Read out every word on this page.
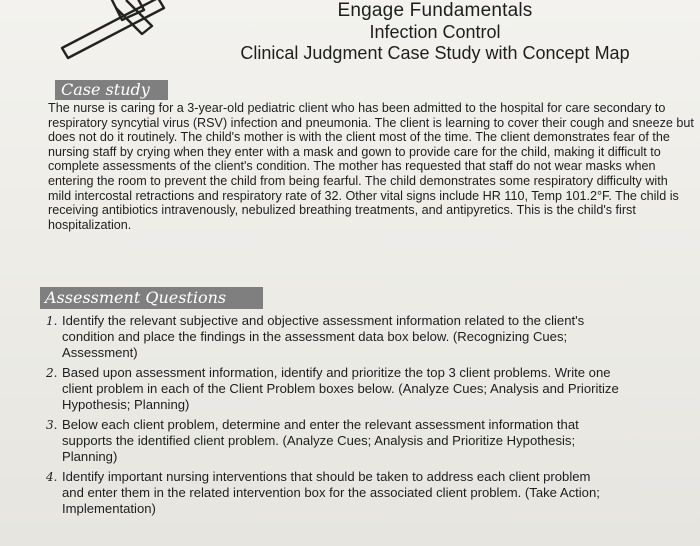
Engage Fundamentals
Infection Control
Clinical Judgment Case Study with Concept Map
Case study

The nurse is caring for a 3-year-old pediatric client who has been admitted to the hospital for care secondary to respiratory syncytial virus (RSV) infection and pneumonia. The client is learning to cover their cough and sneeze but does not do it routinely. The child's mother is with the client most of the time. The client demonstrates fear of the nursing staff by crying when they enter with a mask and gown to provide care for the child, making it difficult to complete assessments of the client's condition. The mother has requested that staff do not wear masks when entering the room to prevent the child from being fearful. The child demonstrates some respiratory difficulty with mild intercostal retractions and respiratory rate of 32. Other vital signs include HR 110, Temp 101.2°F. The child is receiving antibiotics intravenously, nebulized breathing treatments, and antipyretics. This is the child's first hospitalization.

Assessment Questions
1. Identify the relevant subjective and objective assessment information related to the client's
condition and place the findings in the assessment data box below. (Recognizing Cues;
Assessment)
2. Based upon assessment information, identify and prioritize the top 3 client problems. Write one
client problem in each of the Client Problem boxes below. (Analyze Cues; Analysis and Prioritize
Hypothesis; Planning)
3. Below each client problem, determine and enter the relevant assessment information that
supports the identified client problem. (Analyze Cues; Analysis and Prioritize Hypothesis;
Planning)
4. Identify important nursing interventions that should be taken to address each client problem
and enter them in the related intervention box for the associated client problem. (Take Action;
Implementation)
